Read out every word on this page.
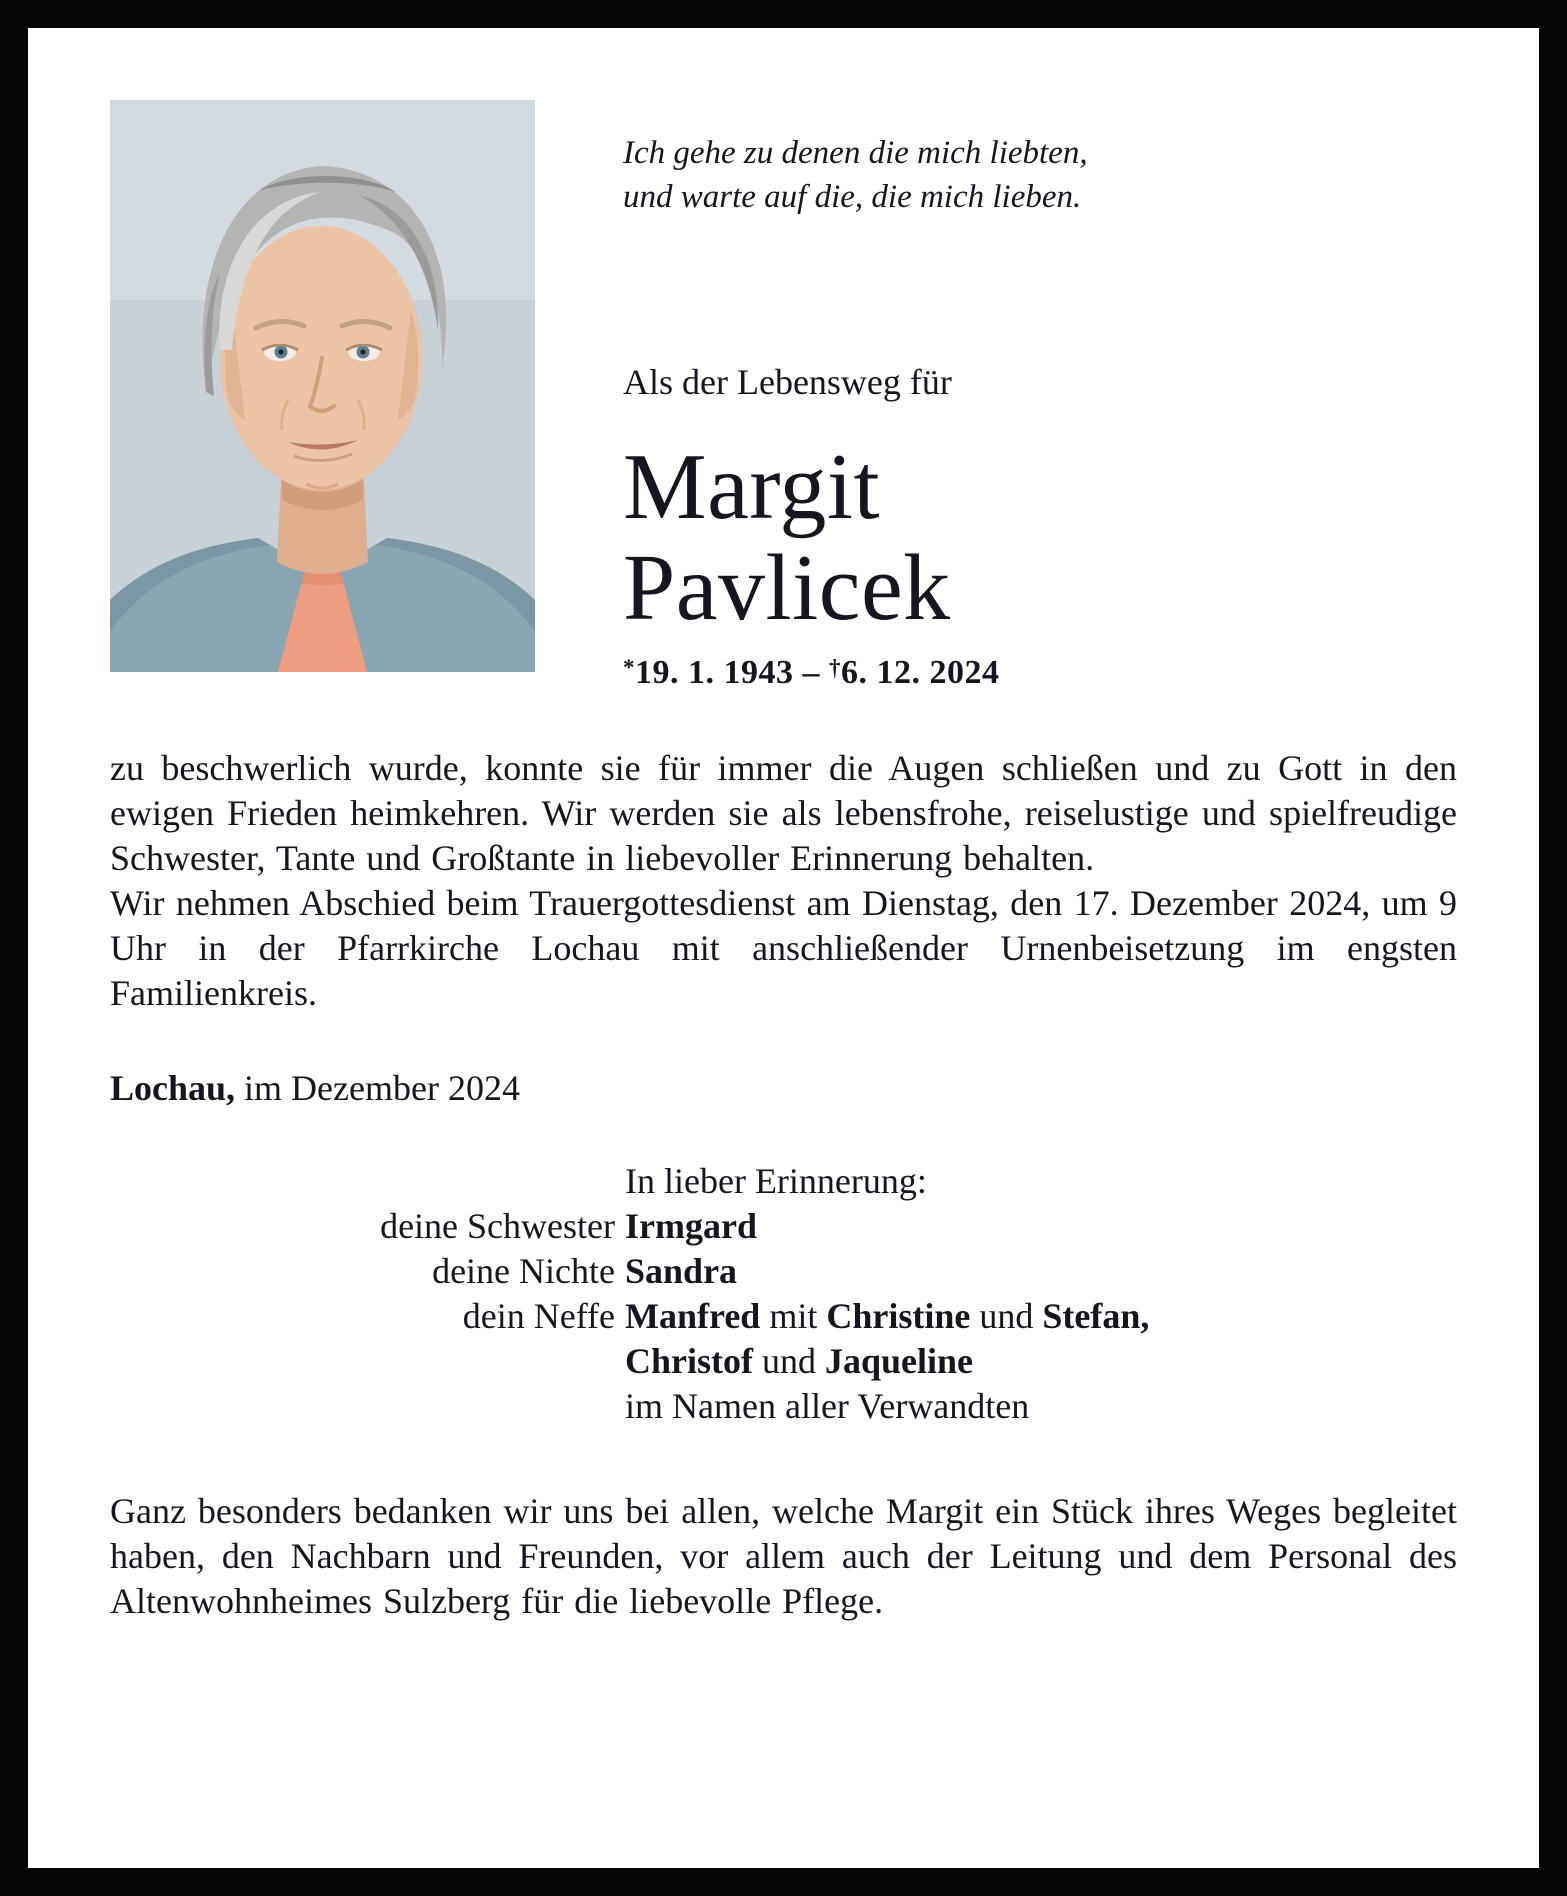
Ich gehe zu denen die mich liebten,
und warte auf die, die mich lieben.
Als der Lebensweg für
Margit
Pavlicek
*19. 1. 1943 – †6. 12. 2024

zu beschwerlich wurde, konnte sie für immer die Augen schließen und zu Gott in den ewigen Frieden heimkehren. Wir werden sie als lebensfrohe, reiselustige und spielfreudige Schwester, Tante und Großtante in liebevoller Erinnerung behalten.

Wir nehmen Abschied beim Trauergottesdienst am Dienstag, den 17. Dezember 2024, um 9 Uhr in der Pfarrkirche Lochau mit anschließender Urnenbeisetzung im engsten Familienkreis.

Lochau, im Dezember 2024

In lieber Erinnerung:
deine Schwester Irmgard
deine Nichte Sandra
dein Neffe Manfred mit Christine und Stefan,
Christof und Jaqueline
im Namen aller Verwandten

Ganz besonders bedanken wir uns bei allen, welche Margit ein Stück ihres Weges begleitet haben, den Nachbarn und Freunden, vor allem auch der Leitung und dem Personal des Altenwohnheimes Sulzberg für die liebevolle Pflege.
